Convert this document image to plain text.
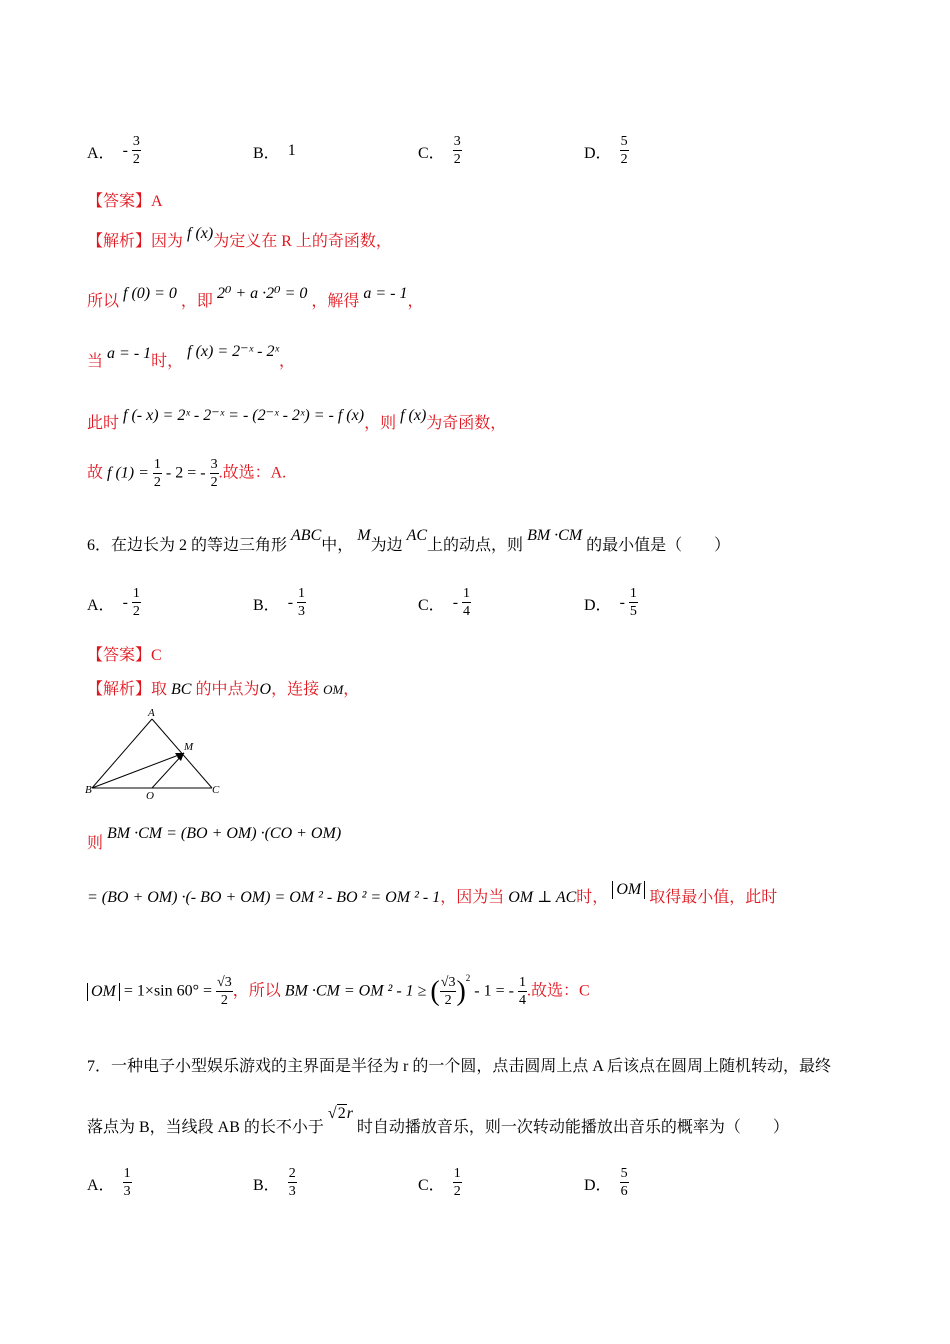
A． - $\frac{3}{2}$	B． 1	C． $\frac{3}{2}$	D． $\frac{5}{2}$
【答案】A
【解析】因为 f (x)为定义在 R 上的奇函数，
所以 f (0) = 0 ，即 2⁰ + a ·2⁰ = 0 ，解得 a = - 1，
当 a = - 1时， f (x) = 2⁻ˣ - 2ˣ，
此时 f (- x) = 2ˣ - 2⁻ˣ = - (2⁻ˣ - 2ˣ) = - f (x)，则 f (x)为奇函数，
故 f $(1) = \frac{1}{2} - 2$ = - $\frac{3}{2}$ .故选：A.
6．在边长为 2 的等边三角形 ABC中， M为边 AC上的动点，则 BM ·CM 的最小值是（　　）
A． - $\frac{1}{2}$	B． - $\frac{1}{3}$	C． - $\frac{1}{4}$	D． - $\frac{1}{5}$
【答案】C
【解析】取 BC 的中点为O，连接 OM，
A
M
B	O	C
则 BM ·CM = (BO + OM) ·(CO + OM)
= (BO + OM) ·(- BO + OM) = OM ² - BO ² = OM ² - 1，因为当 OM ⊥ AC时， OM 取得最小值，此时
OM = 1×sin $60^\circ = \frac{√3}{2}$ ，所以 BM ·CM = OM ² - 1 ≥ ( $\frac{√3}{2} )^2 - 1$ = - $\frac{1}{4}$ .故选：C
7．一种电子小型娱乐游戏的主界面是半径为 r 的一个圆，点击圆周上点 A 后该点在圆周上随机转动，最终
落点为 B，当线段 AB 的长不小于 √2r 时自动播放音乐，则一次转动能播放出音乐的概率为（　　）
A． $\frac{1}{3}$	B． $\frac{2}{3}$	C． $\frac{1}{2}$	D． $\frac{5}{6}$
